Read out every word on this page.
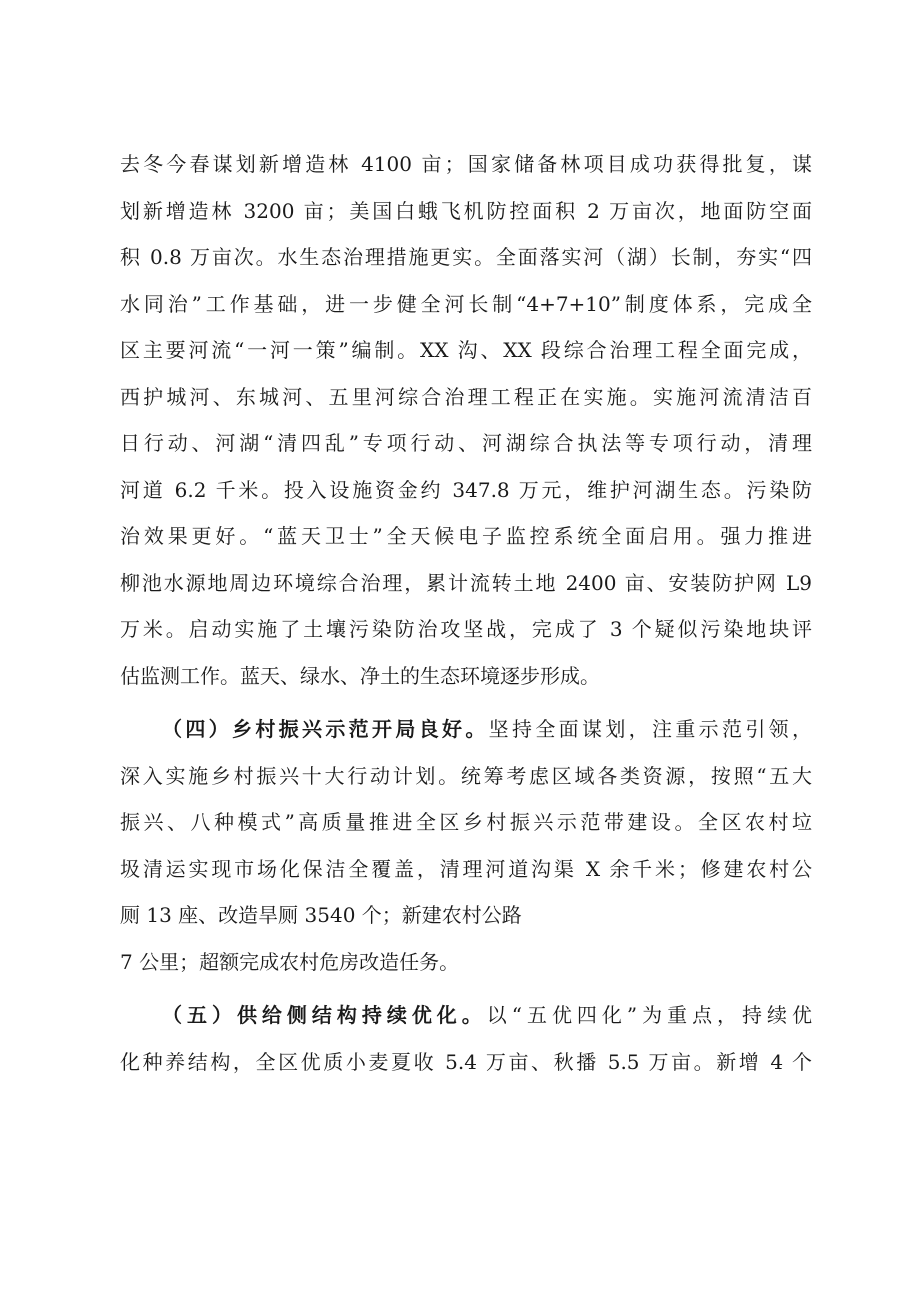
去冬今春谋划新增造林 4100 亩；国家储备林项目成功获得批复，谋
划新增造林 3200 亩；美国白蛾飞机防控面积 2 万亩次，地面防空面
积 0.8 万亩次。水生态治理措施更实。全面落实河（湖）长制，夯实“四
水同治”工作基础，进一步健全河长制“4+7+10”制度体系，完成全
区主要河流“一河一策”编制。XX 沟、XX 段综合治理工程全面完成，
西护城河、东城河、五里河综合治理工程正在实施。实施河流清洁百
日行动、河湖“清四乱”专项行动、河湖综合执法等专项行动，清理
河道 6.2 千米。投入设施资金约 347.8 万元，维护河湖生态。污染防
治效果更好。“蓝天卫士”全天候电子监控系统全面启用。强力推进
柳池水源地周边环境综合治理，累计流转土地 2400 亩、安装防护网 L9
万米。启动实施了土壤污染防治攻坚战，完成了 3 个疑似污染地块评
估监测工作。蓝天、绿水、净土的生态环境逐步形成。
（四）乡村振兴示范开局良好。坚持全面谋划，注重示范引领，
深入实施乡村振兴十大行动计划。统筹考虑区域各类资源，按照“五大
振兴、八种模式”高质量推进全区乡村振兴示范带建设。全区农村垃
圾清运实现市场化保洁全覆盖，清理河道沟渠 X 余千米；修建农村公
厕 13 座、改造旱厕 3540 个；新建农村公路
7 公里；超额完成农村危房改造任务。
（五）供给侧结构持续优化。以“五优四化”为重点，持续优
化种养结构，全区优质小麦夏收 5.4 万亩、秋播 5.5 万亩。新增 4 个
